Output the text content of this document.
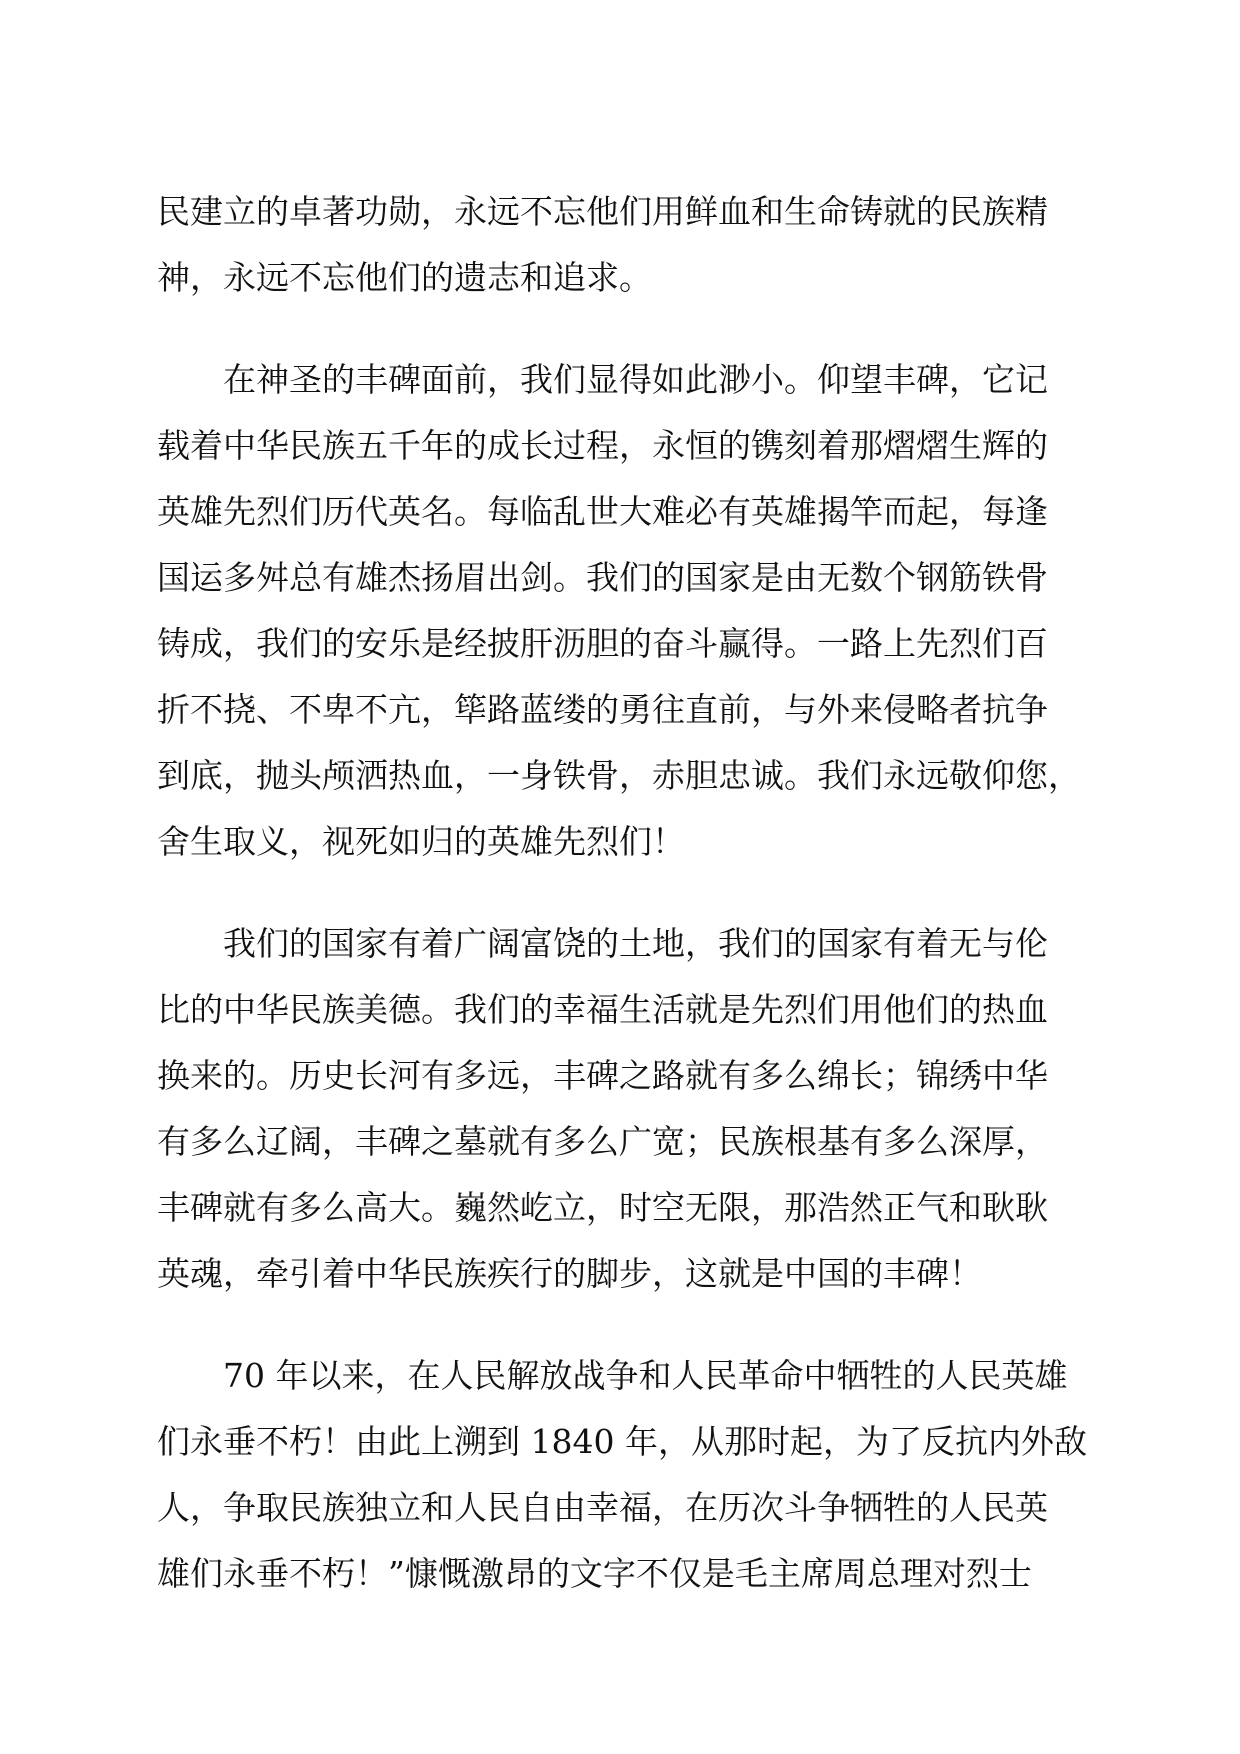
民建立的卓著功勋，永远不忘他们用鲜血和生命铸就的民族精
神，永远不忘他们的遗志和追求。
在神圣的丰碑面前，我们显得如此渺小。仰望丰碑，它记
载着中华民族五千年的成长过程，永恒的镌刻着那熠熠生辉的
英雄先烈们历代英名。每临乱世大难必有英雄揭竿而起，每逢
国运多舛总有雄杰扬眉出剑。我们的国家是由无数个钢筋铁骨
铸成，我们的安乐是经披肝沥胆的奋斗赢得。一路上先烈们百
折不挠、不卑不亢，筚路蓝缕的勇往直前，与外来侵略者抗争
到底，抛头颅洒热血，一身铁骨，赤胆忠诚。我们永远敬仰您，
舍生取义，视死如归的英雄先烈们！
我们的国家有着广阔富饶的土地，我们的国家有着无与伦
比的中华民族美德。我们的幸福生活就是先烈们用他们的热血
换来的。历史长河有多远，丰碑之路就有多么绵长；锦绣中华
有多么辽阔，丰碑之墓就有多么广宽；民族根基有多么深厚，
丰碑就有多么高大。巍然屹立，时空无限，那浩然正气和耿耿
英魂，牵引着中华民族疾行的脚步，这就是中国的丰碑！
70 年以来，在人民解放战争和人民革命中牺牲的人民英雄
们永垂不朽！由此上溯到 1840 年，从那时起，为了反抗内外敌
人，争取民族独立和人民自由幸福，在历次斗争牺牲的人民英
雄们永垂不朽！”慷慨激昂的文字不仅是毛主席周总理对烈士
